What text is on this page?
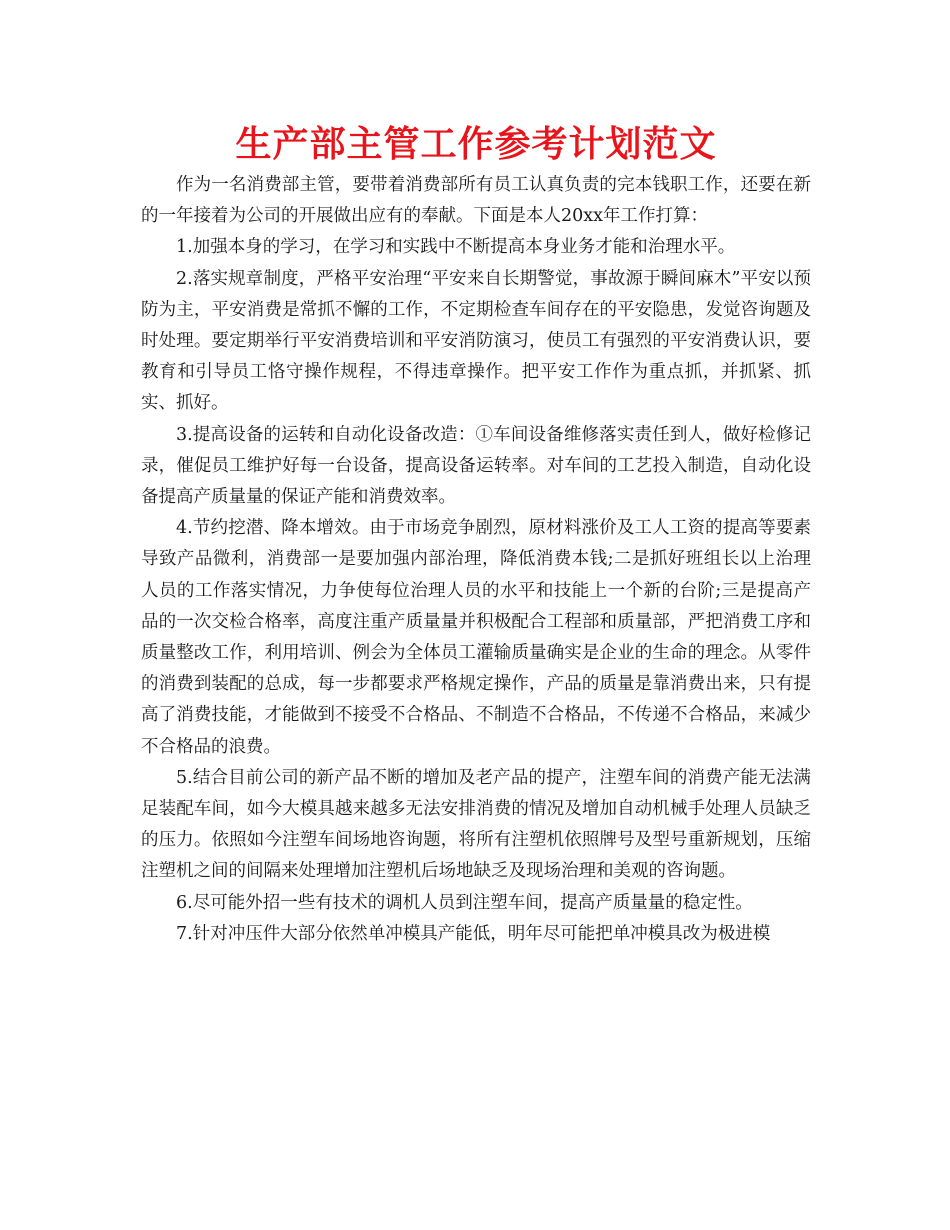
生产部主管工作参考计划范文

作为一名消费部主管，要带着消费部所有员工认真负责的完本钱职工作，还要在新的一年接着为公司的开展做出应有的奉献。下面是本人20xx年工作打算：

1.加强本身的学习，在学习和实践中不断提高本身业务才能和治理水平。

2.落实规章制度，严格平安治理“平安来自长期警觉，事故源于瞬间麻木”平安以预防为主，平安消费是常抓不懈的工作，不定期检查车间存在的平安隐患，发觉咨询题及时处理。要定期举行平安消费培训和平安消防演习，使员工有强烈的平安消费认识，要教育和引导员工恪守操作规程，不得违章操作。把平安工作作为重点抓，并抓紧、抓实、抓好。

3.提高设备的运转和自动化设备改造：①车间设备维修落实责任到人，做好检修记录，催促员工维护好每一台设备，提高设备运转率。对车间的工艺投入制造，自动化设备提高产质量量的保证产能和消费效率。

4.节约挖潜、降本增效。由于市场竞争剧烈，原材料涨价及工人工资的提高等要素导致产品微利，消费部一是要加强内部治理，降低消费本钱;二是抓好班组长以上治理人员的工作落实情况，力争使每位治理人员的水平和技能上一个新的台阶;三是提高产品的一次交检合格率，高度注重产质量量并积极配合工程部和质量部，严把消费工序和质量整改工作，利用培训、例会为全体员工灌输质量确实是企业的生命的理念。从零件的消费到装配的总成，每一步都要求严格规定操作，产品的质量是靠消费出来，只有提高了消费技能，才能做到不接受不合格品、不制造不合格品，不传递不合格品，来减少不合格品的浪费。

5.结合目前公司的新产品不断的增加及老产品的提产，注塑车间的消费产能无法满足装配车间，如今大模具越来越多无法安排消费的情况及增加自动机械手处理人员缺乏的压力。依照如今注塑车间场地咨询题，将所有注塑机依照牌号及型号重新规划，压缩注塑机之间的间隔来处理增加注塑机后场地缺乏及现场治理和美观的咨询题。

6.尽可能外招一些有技术的调机人员到注塑车间，提高产质量量的稳定性。

7.针对冲压件大部分依然单冲模具产能低，明年尽可能把单冲模具改为极进模
